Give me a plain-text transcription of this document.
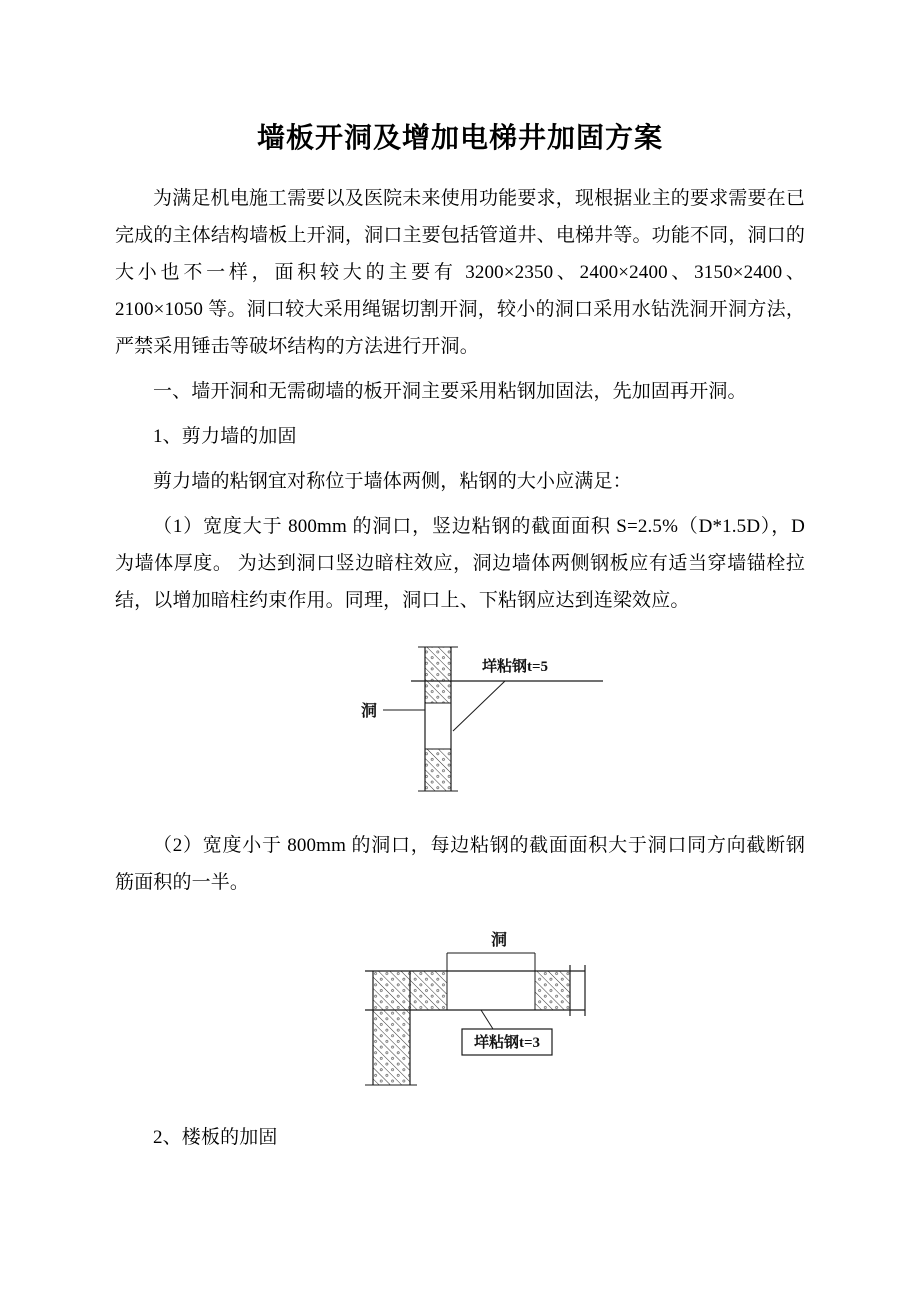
墙板开洞及增加电梯井加固方案

为满足机电施工需要以及医院未来使用功能要求，现根据业主的要求需要在已完成的主体结构墙板上开洞，洞口主要包括管道井、电梯井等。功能不同，洞口的大小也不一样，面积较大的主要有 3200×2350、2400×2400、3150×2400、2100×1050 等。洞口较大采用绳锯切割开洞，较小的洞口采用水钻洗洞开洞方法，严禁采用锤击等破坏结构的方法进行开洞。

一、墙开洞和无需砌墙的板开洞主要采用粘钢加固法，先加固再开洞。

1、剪力墙的加固

剪力墙的粘钢宜对称位于墙体两侧，粘钢的大小应满足：

（1）宽度大于 800mm 的洞口，竖边粘钢的截面面积 S=2.5%（D*1.5D），D 为墙体厚度。 为达到洞口竖边暗柱效应，洞边墙体两侧钢板应有适当穿墙锚栓拉结，以增加暗柱约束作用。同理，洞口上、下粘钢应达到连梁效应。

垟粘钢t=5
洞

（2）宽度小于 800mm 的洞口，每边粘钢的截面面积大于洞口同方向截断钢筋面积的一半。

洞
垟粘钢t=3

2、楼板的加固
